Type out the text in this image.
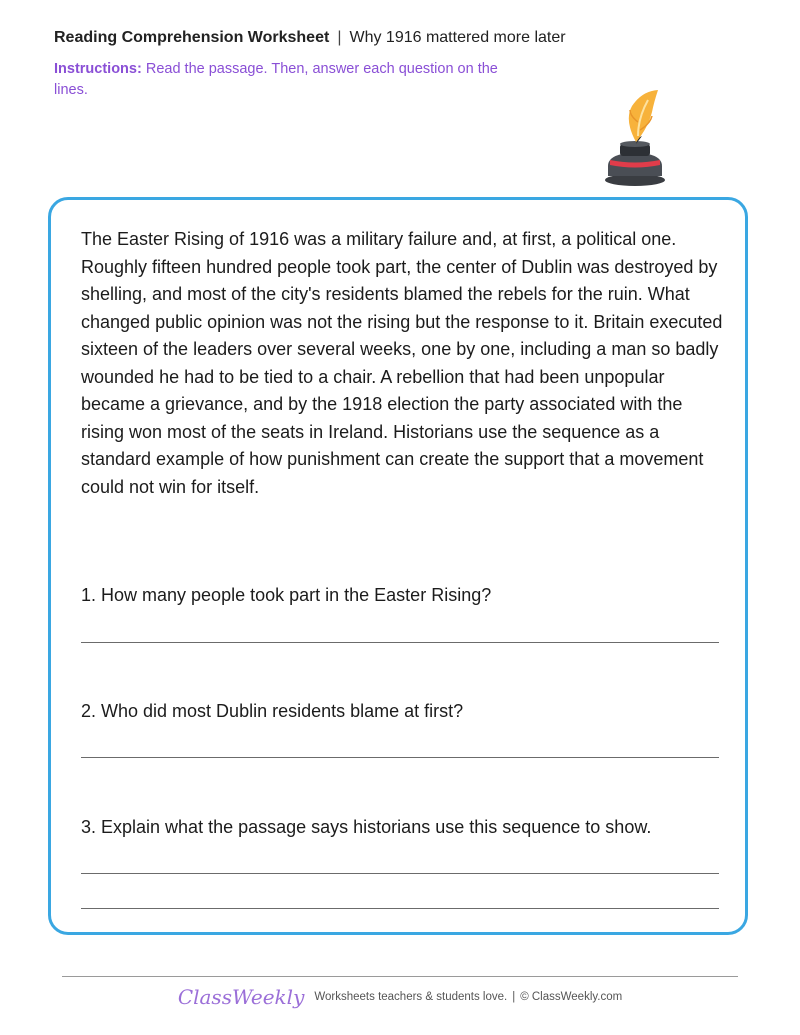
Reading Comprehension Worksheet | Why 1916 mattered more later
Instructions: Read the passage. Then, answer each question on the lines.

The Easter Rising of 1916 was a military failure and, at first, a political one. Roughly fifteen hundred people took part, the center of Dublin was destroyed by shelling, and most of the city's residents blamed the rebels for the ruin. What changed public opinion was not the rising but the response to it. Britain executed sixteen of the leaders over several weeks, one by one, including a man so badly wounded he had to be tied to a chair. A rebellion that had been unpopular became a grievance, and by the 1918 election the party associated with the rising won most of the seats in Ireland. Historians use the sequence as a standard example of how punishment can create the support that a movement could not win for itself.

1. How many people took part in the Easter Rising?
2. Who did most Dublin residents blame at first?
3. Explain what the passage says historians use this sequence to show.
ClassWeekly Worksheets teachers & students love. | © ClassWeekly.com
